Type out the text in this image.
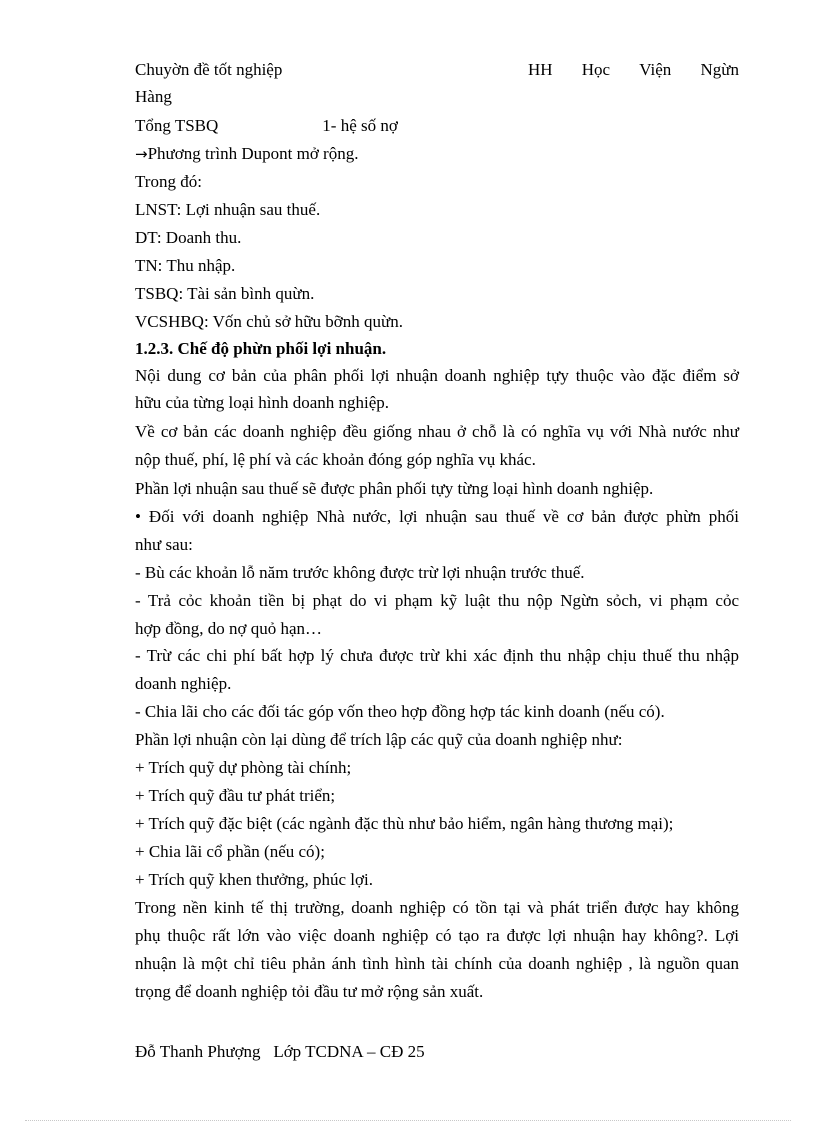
Chuyờn đề tốt nghiệp	HH Học Viện Ngừn
Hàng
Tổng TSBQ	1- hệ số nợ
→Phương trình Dupont mở rộng.
Trong đó:
LNST: Lợi nhuận sau thuế.
DT: Doanh thu.
TN: Thu nhập.
TSBQ: Tài sản bình quừn.
VCSHBQ: Vốn chủ sở hữu bỡnh quừn.
1.2.3. Chế độ phừn phối lợi nhuận.
Nội dung cơ bản của phân phối lợi nhuận doanh nghiệp tựy thuộc vào đặc điểm sở
hữu của từng loại hình doanh nghiệp.
Về cơ bản các doanh nghiệp đều giống nhau ở chỗ là có nghĩa vụ với Nhà nước như
nộp thuế, phí, lệ phí và các khoản đóng góp nghĩa vụ khác.
Phần lợi nhuận sau thuế sẽ được phân phối tựy từng loại hình doanh nghiệp.
• Đối với doanh nghiệp Nhà nước, lợi nhuận sau thuế về cơ bản được phừn phối
như sau:
- Bù các khoản lỗ năm trước không được trừ lợi nhuận trước thuế.
- Trả cỏc khoản tiền bị phạt do vi phạm kỹ luật thu nộp Ngừn sỏch, vi phạm cỏc
hợp đồng, do nợ quỏ hạn…
- Trừ các chi phí bất hợp lý chưa được trừ khi xác định thu nhập chịu thuế thu nhập
doanh nghiệp.
- Chia lãi cho các đối tác góp vốn theo hợp đồng hợp tác kinh doanh (nếu có).
Phần lợi nhuận còn lại dùng để trích lập các quỹ của doanh nghiệp như:
+ Trích quỹ dự phòng tài chính;
+ Trích quỹ đầu tư phát triển;
+ Trích quỹ đặc biệt (các ngành đặc thù như bảo hiểm, ngân hàng thương mại);
+ Chia lãi cổ phần (nếu có);
+ Trích quỹ khen thưởng, phúc lợi.
Trong nền kinh tế thị trường, doanh nghiệp có tồn tại và phát triển được hay không
phụ thuộc rất lớn vào việc doanh nghiệp có tạo ra được lợi nhuận hay không?. Lợi
nhuận là một chỉ tiêu phản ánh tình hình tài chính của doanh nghiệp , là nguồn quan
trọng để doanh nghiệp tỏi đầu tư mở rộng sản xuất.
Đỗ Thanh Phượng Lớp TCDNA – CĐ 25
